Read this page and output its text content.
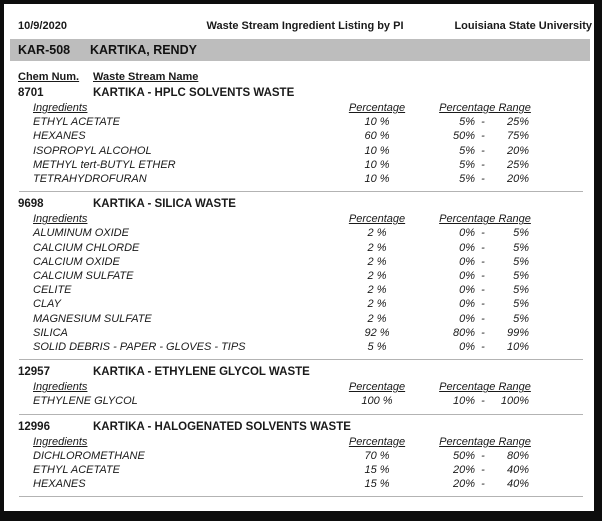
10/9/2020	Waste Stream Ingredient Listing by PI	Louisiana State University
KAR-508	KARTIKA, RENDY
Chem Num.	Waste Stream Name
8701	KARTIKA - HPLC SOLVENTS WASTE
Ingredients	Percentage	Percentage Range
ETHYL ACETATE	10 %	5% - 25%
HEXANES	60 %	50% - 75%
ISOPROPYL ALCOHOL	10 %	5% - 20%
METHYL tert-BUTYL ETHER	10 %	5% - 25%
TETRAHYDROFURAN	10 %	5% - 20%
9698	KARTIKA - SILICA WASTE
Ingredients	Percentage	Percentage Range
ALUMINUM OXIDE	2 %	0% -	5%
CALCIUM CHLORDE	2 %	0% -	5%
CALCIUM OXIDE	2 %	0% -	5%
CALCIUM SULFATE	2 %	0% -	5%
CELITE	2 %	0% -	5%
CLAY	2 %	0% -	5%
MAGNESIUM SULFATE	2 %	0% -	5%
SILICA	92 %	80% - 99%
SOLID DEBRIS - PAPER - GLOVES - TIPS	5 %	0% - 10%
12957	KARTIKA - ETHYLENE GLYCOL WASTE
Ingredients	Percentage	Percentage Range
ETHYLENE GLYCOL	100 %	10% - 100%
12996	KARTIKA - HALOGENATED SOLVENTS WASTE
Ingredients	Percentage	Percentage Range
DICHLOROMETHANE	70 %	50% - 80%
ETHYL ACETATE	15 %	20% - 40%
HEXANES	15 %	20% - 40%
